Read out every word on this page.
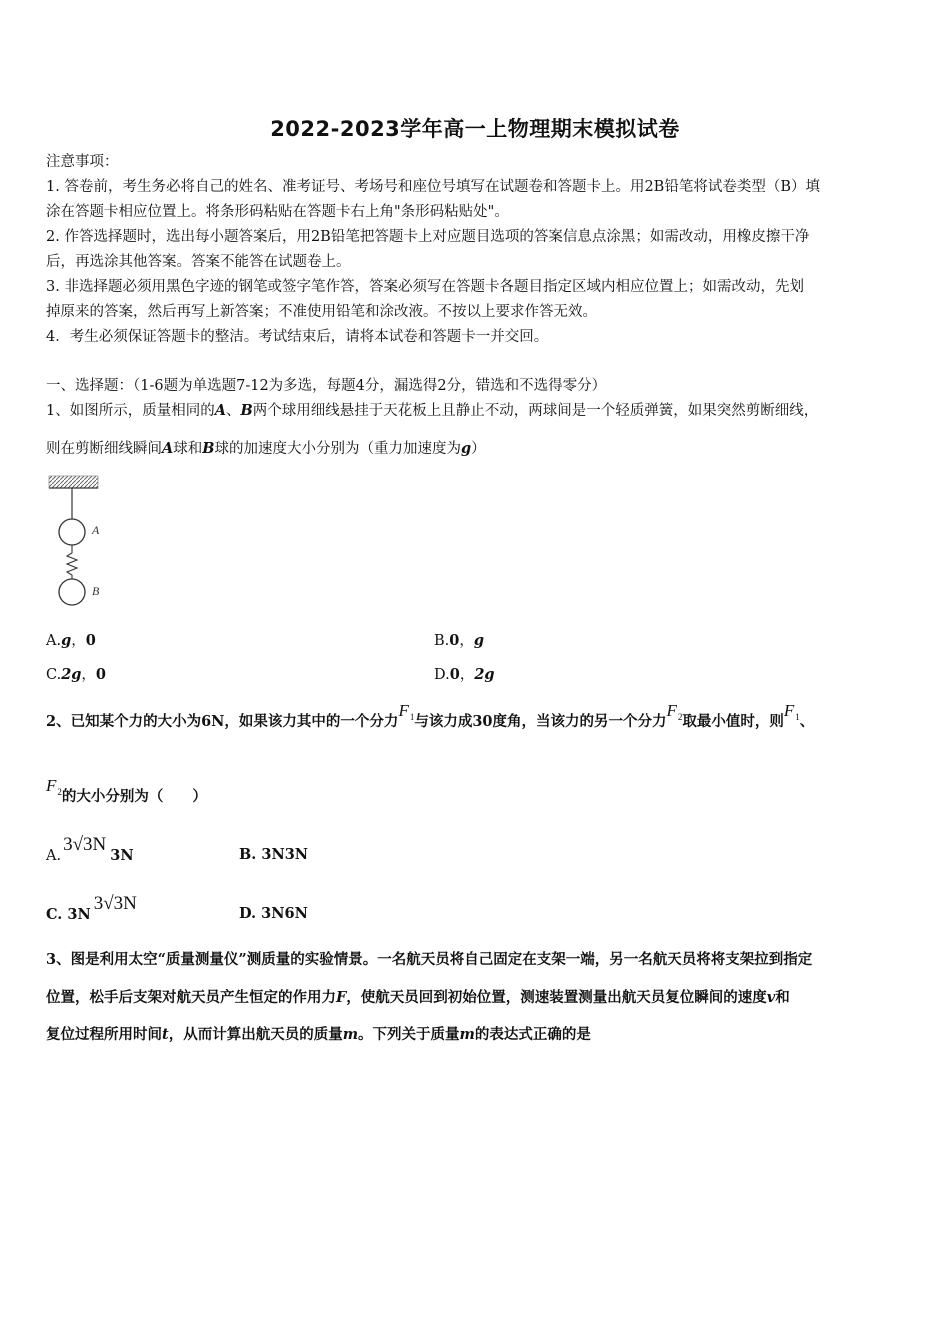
2022-2023学年高一上物理期末模拟试卷
注意事项：
1. 答卷前，考生务必将自己的姓名、准考证号、考场号和座位号填写在试题卷和答题卡上。用2B铅笔将试卷类型（B）填
涂在答题卡相应位置上。将条形码粘贴在答题卡右上角"条形码粘贴处"。
2. 作答选择题时，选出每小题答案后，用2B铅笔把答题卡上对应题目选项的答案信息点涂黑；如需改动，用橡皮擦干净
后，再选涂其他答案。答案不能答在试题卷上。
3. 非选择题必须用黑色字迹的钢笔或签字笔作答，答案必须写在答题卡各题目指定区域内相应位置上；如需改动，先划
掉原来的答案，然后再写上新答案；不准使用铅笔和涂改液。不按以上要求作答无效。
4．考生必须保证答题卡的整洁。考试结束后，请将本试卷和答题卡一并交回。
一、选择题：（1-6题为单选题7-12为多选，每题4分，漏选得2分，错选和不选得零分）
1、如图所示，质量相同的A、B两个球用细线悬挂于天花板上且静止不动，两球间是一个轻质弹簧，如果突然剪断细线，
则在剪断细线瞬间A球和B球的加速度大小分别为（重力加速度为g）
A
B
A.g，0	B.0，g
C.2g，0	D.0，2g
2、已知某个力的大小为6N，如果该力其中的一个分力$F_1$与该力成30度角，当该力的另一个分力$F_2$取最小值时，则$F_1$、
$F_2$的大小分别为（　　）
A.3√3N3N	B. 3N3N
C. 3N3√3N	D. 3N6N
3、图是利用太空“质量测量仪”测质量的实验情景。一名航天员将自己固定在支架一端，另一名航天员将将支架拉到指定
位置，松手后支架对航天员产生恒定的作用力F，使航天员回到初始位置，测速装置测量出航天员复位瞬间的速度v和
复位过程所用时间t，从而计算出航天员的质量m。下列关于质量m的表达式正确的是
